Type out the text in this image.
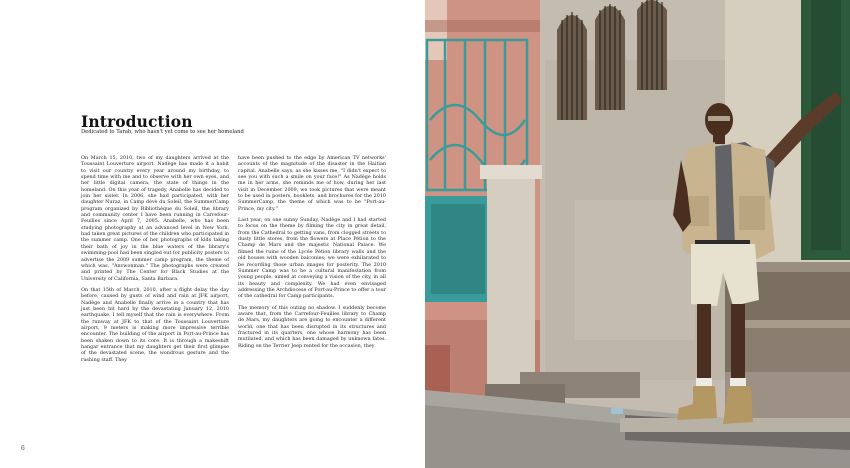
Introduction
Dedicated to Tarah, who hasn't yet come to see her homeland

On March 15, 2010, two of my daughters arrived at the Toussaint Louverture airport. Nadège has made it a habit to visit our country every year around my birthday, to spend time with me and to observe with her own eyes, and her little digital camera, the state of things in the homeland. On this year of tragedy, Anabelle has decided to join her sister. In 2006, she had participated, with her daughter Nuraz, in Camp dèvè du Soleil, the SummerCamp program organized by Bibliothèque du Soleil, the library and community center I have been running in Carrefour-Feuilles since April 7, 2005. Anabelle, who has been studying photography at an advanced level in New York, had taken great pictures of the children who participated in the summer camp. One of her photographs of kids taking their bath of joy in the blue waters of the library's swimming-pool had been singled out for publicity posters to advertise the 2009 summer camp program, the theme of which was, "Anvwonman." The photographs were created and printed by The Center for Black Studies at the University of California, Santa Barbara.

On that 15th of March, 2010, after a flight delay the day before, caused by gusts of wind and rain at JFK airport, Nadège and Anabelle finally arrive in a country that has just been hit hard by the devastating January 12, 2010 earthquake. I tell myself that the rain is everywhere. From the runway at JFK to that of the Toussaint Louverture airport, 9 meters is making more impressive terrible encounter. The building of the airport in Port-au-Prince has been shaken down to its core. It is through a makeshift hangar entrance that my daughters get their first glimpse of the devastated scene, the wondrous gesture and the rushing staff. They

have been pushed to the edge by American TV networks' accounts of the magnitude of the disaster in the Haitian capital. Anabelle says, as she kisses me, "I didn't expect to see you with such a smile on your face!" As Nadège holds me in her arms, she reminds me of how, during her last visit in December 2009, we took pictures that were meant to be used in posters, booklets, and brochures for the 2010 SummerCamp, the theme of which was to be "Port-au-Prince, my city."

Last year, on one sunny Sunday, Nadège and I had started to focus on the theme by filming the city in great detail, from the Cathedral to getting vans, from clogged streets to dusty little stores, from the flowers at Place Pétion to the Champ de Mars and the majestic National Palace. We filmed the ruins of the Lycée Pétion library walls and the old houses with wooden balconies; we were exhilarated to be recording those urban images for posterity. The 2010 Summer Camp was to be a cultural manifestation from young people, aimed at conveying a vision of the city, in all its beauty and complexity. We had even envisaged addressing the Archdiocese of Port-au-Prince to offer a tour of the cathedral for Camp participants.

The memory of this outing no shadow. I suddenly become aware that, from the Carrefour-Feuilles library to Champ de Mars, my daughters are going to encounter a different world, one that has been disrupted in its structures and fractured in its quarters, one whose harmony has been mutilated, and which has been damaged by unknown fates. Riding on the Terrier Jeep rented for the occasion, they

6
